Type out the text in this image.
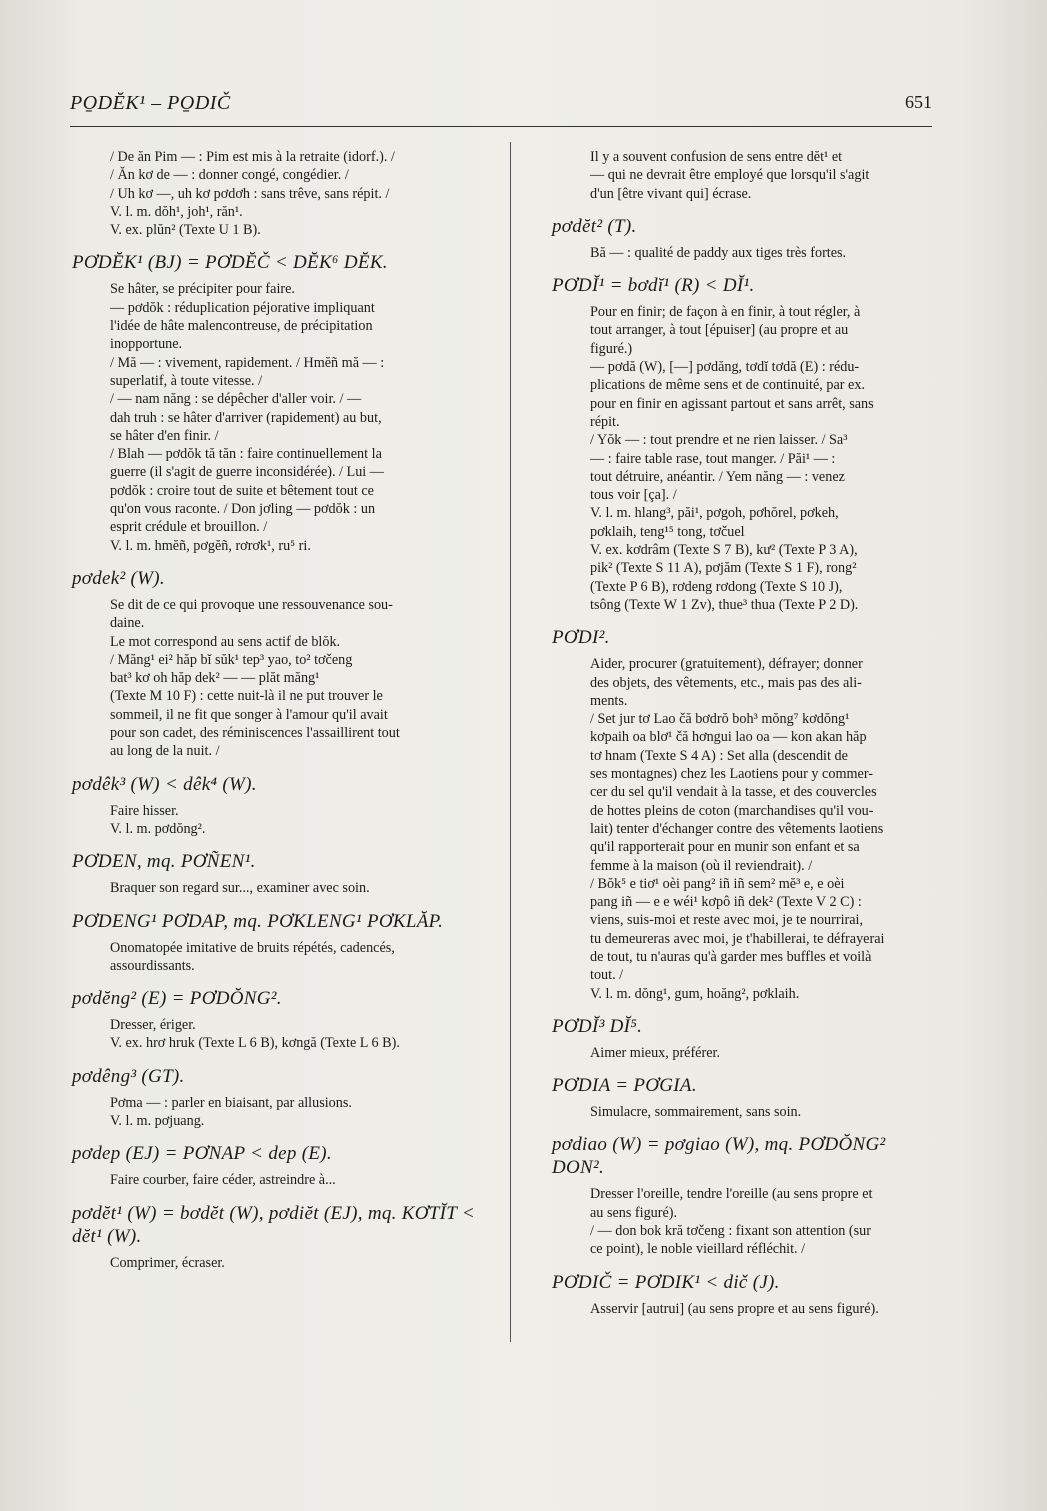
PO̱DĔK¹ – PO̱DIČ	651
/ De ăn Pim — : Pim est mis à la retraite (idorf.). /
/ Ăn kơ de — : donner congé, congédier. /
/ Uh kơ —, uh kơ pơdơh : sans trêve, sans répit. /
V. l. m. dŏh¹, joh¹, răn¹.
V. ex. plŭn² (Texte U 1 B).
PƠDĔK¹ (BJ) = PƠDĔČ < DĔK⁶ DĔK.
Se hâter, se précipiter pour faire.
— pơdŏk : réduplication péjorative impliquant
l'idée de hâte malencontreuse, de précipitation
inopportune.
/ Mă — : vivement, rapidement. / Hmĕñ mă — :
superlatif, à toute vitesse. /
/ — nam năng : se dépêcher d'aller voir. / —
dah truh : se hâter d'arriver (rapidement) au but,
se hâter d'en finir. /
/ Blah — pơdŏk tă tăn : faire continuellement la
guerre (il s'agit de guerre inconsidérée). / Lui —
pơdŏk : croire tout de suite et bêtement tout ce
qu'on vous raconte. / Don jơling — pơdŏk : un
esprit crédule et brouillon. /
V. l. m. hmĕñ, pơgĕñ, rơrơk¹, ru⁵ ri.
pơdek² (W).
Se dit de ce qui provoque une ressouvenance sou-
daine.
Le mot correspond au sens actif de blŏk.
/ Măng¹ ei² hăp bĭ sŭk¹ tep³ yao, to² tơčeng
bat³ kơ oh hăp dek² — — plăt măng¹
(Texte M 10 F) : cette nuit-là il ne put trouver le
sommeil, il ne fit que songer à l'amour qu'il avait
pour son cadet, des réminiscences l'assaillirent tout
au long de la nuit. /
pơdêk³ (W) < dêk⁴ (W).
Faire hisser.
V. l. m. pơdŏng².
PƠDEN, mq. PƠÑEN¹.
Braquer son regard sur..., examiner avec soin.
PƠDENG¹ PƠDAP, mq. PƠKLENG¹ PƠKLĂP.
Onomatopée imitative de bruits répétés, cadencés,
assourdissants.
pơdĕng² (E) = PƠDŎNG².
Dresser, ériger.
V. ex. hrơ hruk (Texte L 6 B), kơngă (Texte L 6 B).
pơdêng³ (GT).
Pơma — : parler en biaisant, par allusions.
V. l. m. pơjuang.
pơdep (EJ) = PƠNAP < dep (E).
Faire courber, faire céder, astreindre à...
pơdĕt¹ (W) = bơdĕt (W), pơdiĕt (EJ), mq. KƠTĬT < dĕt¹ (W).
Comprimer, écraser.
Il y a souvent confusion de sens entre dĕt¹ et
— qui ne devrait être employé que lorsqu'il s'agit
d'un [être vivant qui] écrase.
pơdĕt² (T).
Bă — : qualité de paddy aux tiges très fortes.
PƠDĬ¹ = bơdĭ¹ (R) < DĬ¹.
Pour en finir; de façon à en finir, à tout régler, à
tout arranger, à tout [épuiser] (au propre et au
figuré.)
— pơdă (W), [—] pơdăng, tơdĭ tơdă (E) : rédu-
plications de même sens et de continuité, par ex.
pour en finir en agissant partout et sans arrêt, sans
répit.
/ Yŏk — : tout prendre et ne rien laisser. / Sa³
— : faire table rase, tout manger. / Păi¹ — :
tout détruire, anéantir. / Yem năng — : venez
tous voir [ça]. /
V. l. m. hlang³, păi¹, pơgoh, pơhŏrel, pơkeh,
pơklaih, teng¹⁵ tong, tơčuel
V. ex. kơdrâm (Texte S 7 B), kư² (Texte P 3 A),
pik² (Texte S 11 A), pơjăm (Texte S 1 F), rong²
(Texte P 6 B), rơdeng rơdong (Texte S 10 J),
tsông (Texte W 1 Zv), thue³ thua (Texte P 2 D).
PƠDI².
Aider, procurer (gratuitement), défrayer; donner
des objets, des vêtements, etc., mais pas des ali-
ments.
/ Set jur tơ Lao čă bơdrŏ boh³ mŏng⁷ kơdŏng¹
kơpaih oa blơ¹ čă hơngui lao oa — kon akan hăp
tơ hnam (Texte S 4 A) : Set alla (descendit de
ses montagnes) chez les Laotiens pour y commer-
cer du sel qu'il vendait à la tasse, et des couvercles
de hottes pleins de coton (marchandises qu'il vou-
lait) tenter d'échanger contre des vêtements laotiens
qu'il rapporterait pour en munir son enfant et sa
femme à la maison (où il reviendrait). /
/ Bŏk⁵ e tiơ¹ oèi pang² iñ iñ sem² mĕ³ e, e oèi
pang iñ — e e wéi¹ kơpô iñ dek² (Texte V 2 C) :
viens, suis-moi et reste avec moi, je te nourrirai,
tu demeureras avec moi, je t'habillerai, te défrayerai
de tout, tu n'auras qu'à garder mes buffles et voilà
tout. /
V. l. m. dŏng¹, gum, hoăng², pơklaih.
PƠDĬ³ DĬ⁵.
Aimer mieux, préférer.
PƠDIA = PƠGIA.
Simulacre, sommairement, sans soin.
pơdiao (W) = pơgiao (W), mq. PƠDŎNG² DON².
Dresser l'oreille, tendre l'oreille (au sens propre et
au sens figuré).
/ — don bok kră tơčeng : fixant son attention (sur
ce point), le noble vieillard réfléchit. /
PƠDIČ = PƠDIK¹ < dič (J).
Asservir [autrui] (au sens propre et au sens figuré).
